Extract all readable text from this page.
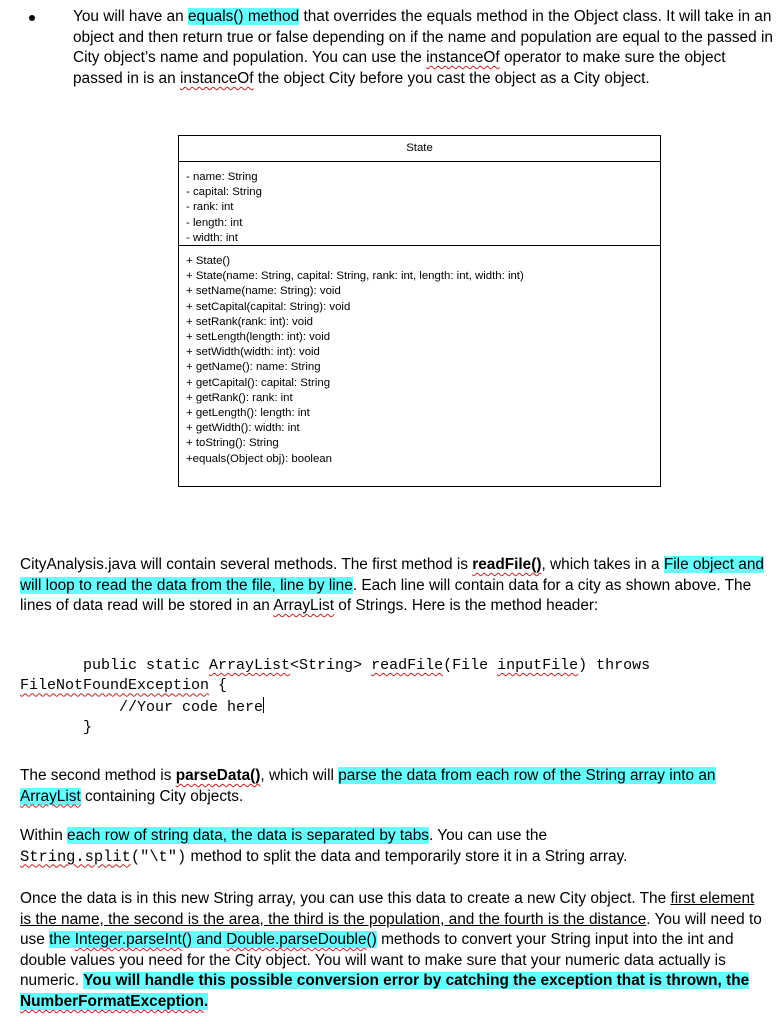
You will have an equals() method that overrides the equals method in the Object class. It will take in an object and then return true or false depending on if the name and population are equal to the passed in City object’s name and population. You can use the instanceOf operator to make sure the object passed in is an instanceOf the object City before you cast the object as a City object.

State
- name: String
- capital: String
- rank: int
- length: int
- width: int
+ State()
+ State(name: String, capital: String, rank: int, length: int, width: int)
+ setName(name: String): void
+ setCapital(capital: String): void
+ setRank(rank: int): void
+ setLength(length: int): void
+ setWidth(width: int): void
+ getName(): name: String
+ getCapital(): capital: String
+ getRank(): rank: int
+ getLength(): length: int
+ getWidth(): width: int
+ toString(): String
+equals(Object obj): boolean

CityAnalysis.java will contain several methods. The first method is readFile(), which takes in a File object and will loop to read the data from the file, line by line. Each line will contain data for a city as shown above. The lines of data read will be stored in an ArrayList of Strings. Here is the method header:

public static ArrayList<String> readFile(File inputFile) throws
FileNotFoundException {
//Your code here
}

The second method is parseData(), which will parse the data from each row of the String array into an ArrayList containing City objects.

Within each row of string data, the data is separated by tabs. You can use the
String.split("\t") method to split the data and temporarily store it in a String array.

Once the data is in this new String array, you can use this data to create a new City object. The first element is the name, the second is the area, the third is the population, and the fourth is the distance. You will need to use the Integer.parseInt() and Double.parseDouble() methods to convert your String input into the int and double values you need for the City object. You will want to make sure that your numeric data actually is numeric. You will handle this possible conversion error by catching the exception that is thrown, the NumberFormatException.
